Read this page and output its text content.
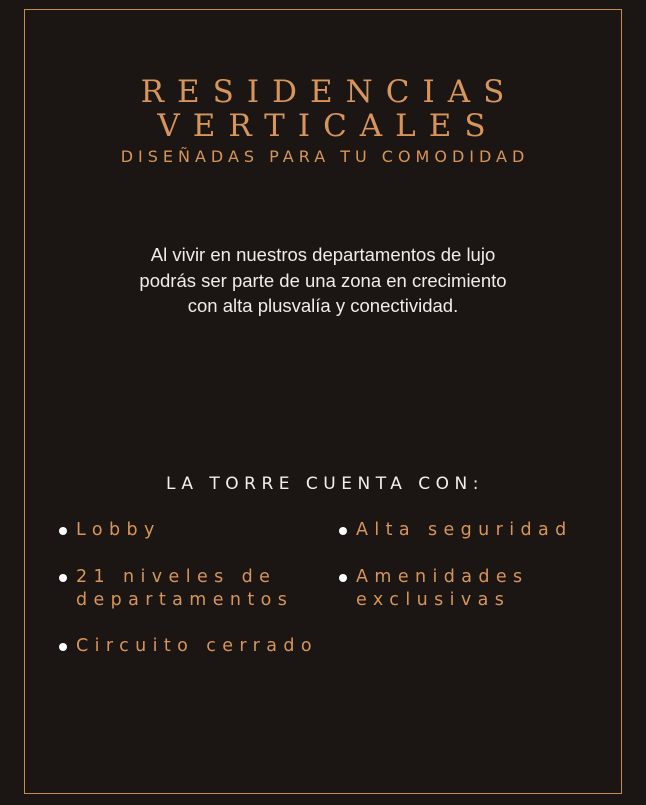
RESIDENCIAS
VERTICALES
DISEÑADAS PARA TU COMODIDAD
Al vivir en nuestros departamentos de lujo
podrás ser parte de una zona en crecimiento
con alta plusvalía y conectividad.
LA TORRE CUENTA CON:
Lobby
21 niveles de
departamentos
Circuito cerrado
Alta seguridad
Amenidades
exclusivas
